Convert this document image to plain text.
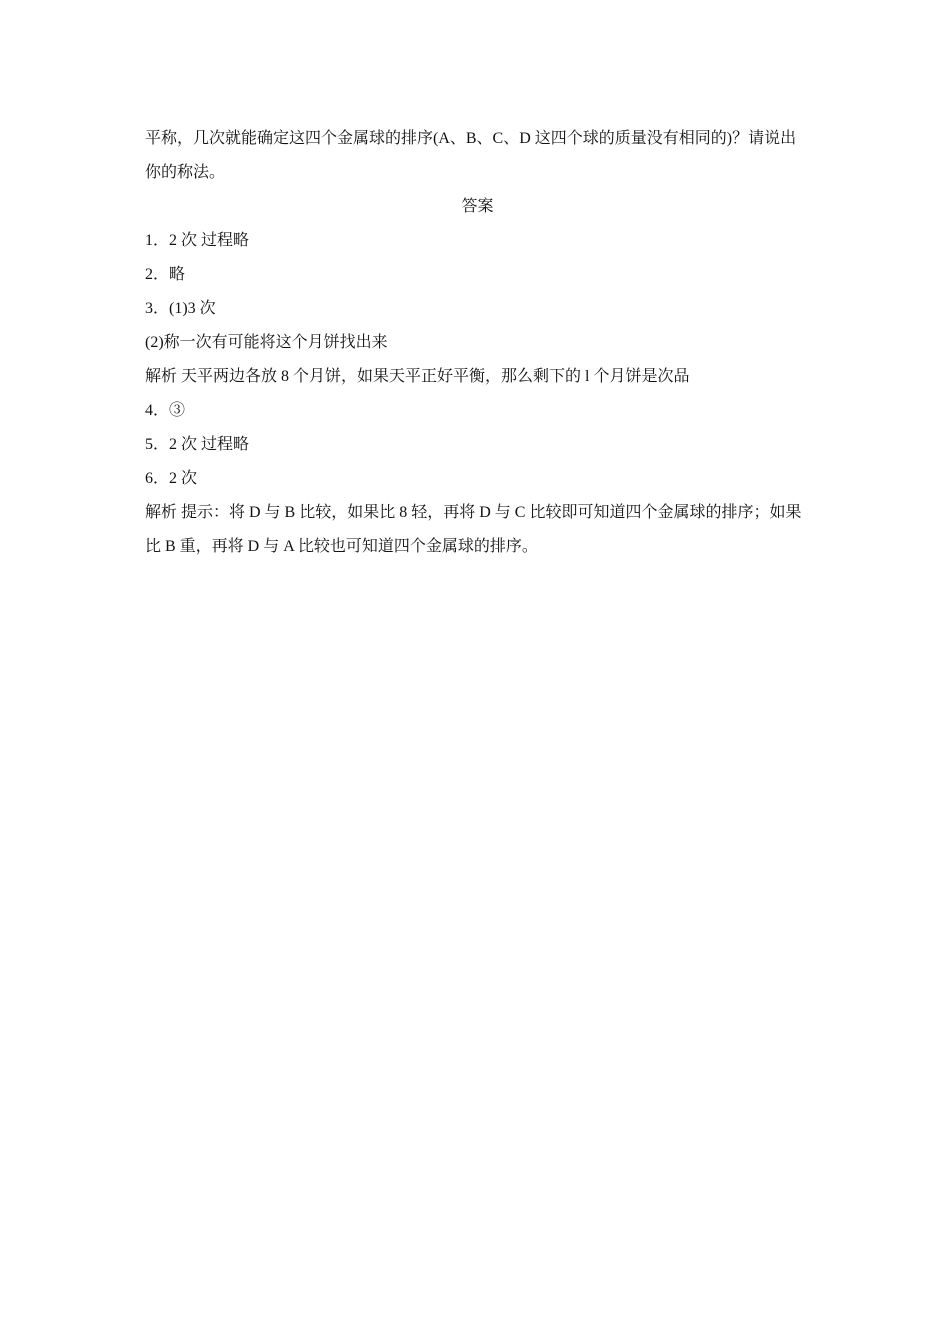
平称，几次就能确定这四个金属球的排序(A、B、C、D 这四个球的质量没有相同的)？请说出
你的称法。
答案
1．2 次 过程略
2．略
3．(1)3 次
(2)称一次有可能将这个月饼找出来
解析 天平两边各放 8 个月饼，如果天平正好平衡，那么剩下的 l 个月饼是次品
4．③
5．2 次 过程略
6．2 次
解析 提示：将 D 与 B 比较，如果比 8 轻，再将 D 与 C 比较即可知道四个金属球的排序；如果
比 B 重，再将 D 与 A 比较也可知道四个金属球的排序。
